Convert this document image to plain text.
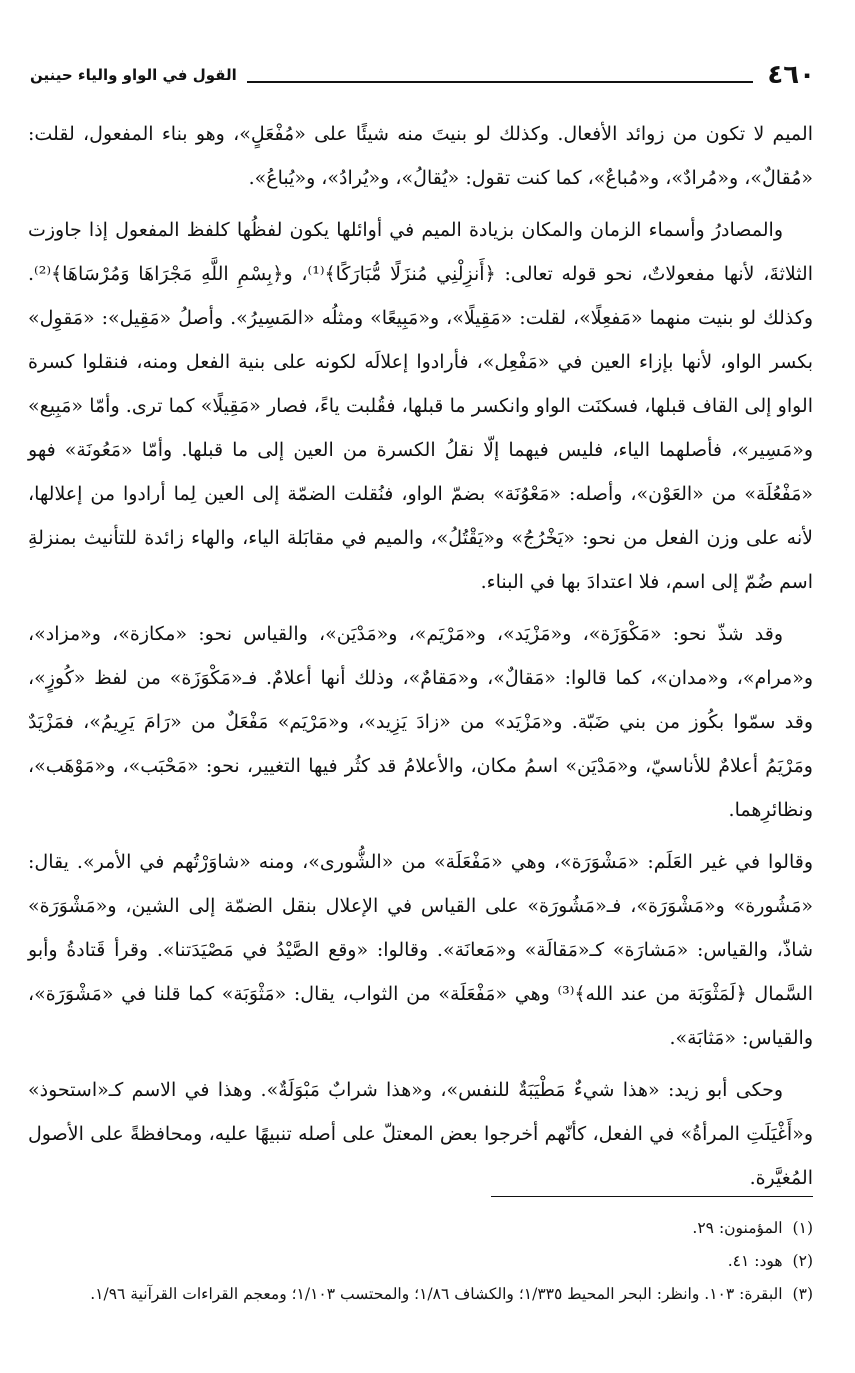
٤٦٠
القول في الواو والياء حينين

الميم لا تكون من زوائد الأفعال. وكذلك لو بنيتَ منه شيئًا على «مُفْعَلٍ»، وهو بناء المفعول، لقلت: «مُقالٌ»، و«مُرادٌ»، و«مُباعٌ»، كما كنت تقول: «يُقالُ»، و«يُرادُ»، و«يُباعُ».

والمصادرُ وأسماء الزمان والمكان بزيادة الميم في أوائلها يكون لفظُها كلفظ المفعول إذا جاوزت الثلاثةَ، لأنها مفعولاتٌ، نحو قوله تعالى: ﴿أَنزِلْنِي مُنزَلًا مُّبَارَكًا﴾⁽¹⁾، و﴿بِسْمِ اللَّهِ مَجْرَاهَا وَمُرْسَاهَا﴾⁽²⁾. وكذلك لو بنيت منهما «مَفعِلًا»، لقلت: «مَقِيلًا»، و«مَبِيعًا» ومثلُه «المَسِيرُ». وأصلُ «مَقِيل»: «مَقوِل» بكسر الواو، لأنها بإزاء العين في «مَفْعِل»، فأرادوا إعلالَه لكونه على بنية الفعل ومنه، فنقلوا كسرة الواو إلى القاف قبلها، فسكنَت الواو وانكسر ما قبلها، فقُلبت ياءً، فصار «مَقِيلًا» كما ترى. وأمّا «مَبِيع» و«مَسِير»، فأصلهما الياء، فليس فيهما إلّا نقلُ الكسرة من العين إلى ما قبلها. وأمّا «مَعُونَة» فهو «مَفْعُلَة» من «العَوْن»، وأصله: «مَعْوُنَة» بضمّ الواو، فنُقلت الضمّة إلى العين لِما أرادوا من إعلالها، لأنه على وزن الفعل من نحو: «يَخْرُجُ» و«يَقْتُلُ»، والميم في مقابَلة الياء، والهاء زائدة للتأنيث بمنزلةِ اسم ضُمّ إلى اسم، فلا اعتدادَ بها في البناء.

وقد شذّ نحو: «مَكْوَزَة»، و«مَزْيَد»، و«مَرْيَم»، و«مَدْيَن»، والقياس نحو: «مكازة»، و«مزاد»، و«مرام»، و«مدان»، كما قالوا: «مَقالٌ»، و«مَقامٌ»، وذلك أنها أعلامٌ. فـ«مَكْوَزَة» من لفظ «كُوزٍ»، وقد سمّوا بكُوز من بني ضَبّة. و«مَزْيَد» من «زادَ يَزِيد»، و«مَرْيَم» مَفْعَلٌ من «رَامَ يَرِيمُ»، فمَزْيَدٌ ومَرْيَمُ أعلامٌ للأناسيّ، و«مَدْيَن» اسمُ مكان، والأعلامُ قد كثُر فيها التغيير، نحو: «مَحْبَب»، و«مَوْهَب»، ونظائرِهما.

وقالوا في غير العَلَم: «مَشْوَرَة»، وهي «مَفْعَلَة» من «الشُّورى»، ومنه «شاوَرْتُهم في الأمر». يقال: «مَشُورة» و«مَشْوَرَة»، فـ«مَشُورَة» على القياس في الإعلال بنقل الضمّة إلى الشين، و«مَشْوَرَة» شاذّ، والقياس: «مَشارَة» كـ«مَقالَة» و«مَعانَة». وقالوا: «وقع الصَّيْدُ في مَصْيَدَتنا». وقرأ قَتادةُ وأبو السَّمال ﴿لَمَثْوَبَة من عند الله﴾⁽³⁾ وهي «مَفْعَلَة» من الثواب، يقال: «مَثْوَبَة» كما قلنا في «مَشْوَرَة»، والقياس: «مَثابَة».

وحكى أبو زيد: «هذا شيءٌ مَطْيَبَةٌ للنفس»، و«هذا شرابٌ مَبْوَلَةٌ». وهذا في الاسم كـ«استحوذ» و«أَغْيَلَتِ المرأةُ» في الفعل، كأنّهم أخرجوا بعض المعتلّ على أصله تنبيهًا عليه، ومحافظةً على الأصول المُغيَّرة.

(١)
المؤمنون: ٢٩.
(٢)
هود: ٤١.
(٣)
البقرة: ١٠٣. وانظر: البحر المحيط ١/٣٣٥؛ والكشاف ١/٨٦؛ والمحتسب ١/١٠٣؛ ومعجم القراءات القرآنية ١/٩٦.
